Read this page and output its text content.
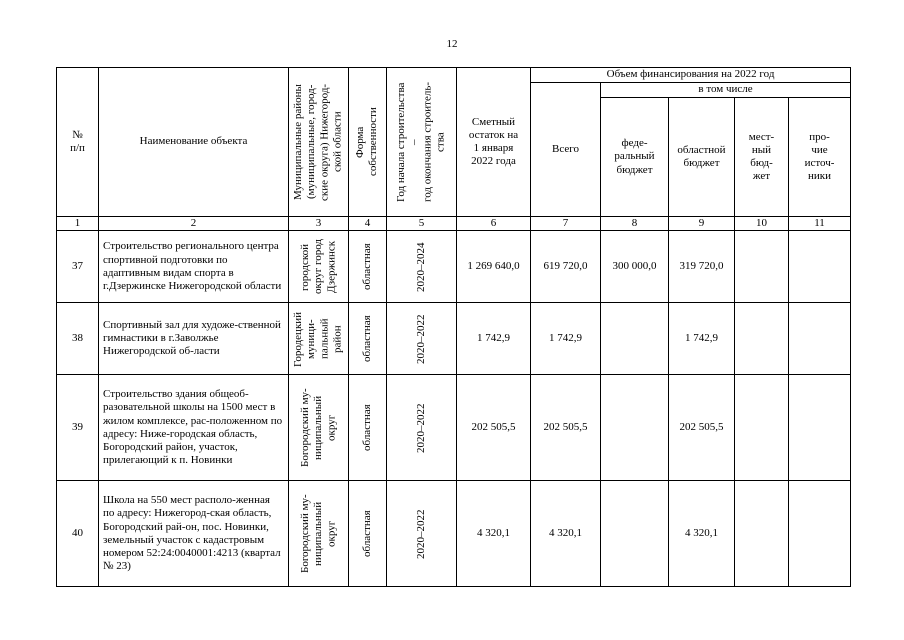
12
№
п/п	Наименование объекта	Муниципальные районы
(муниципальные, город-
ские округа) Нижегород-
ской области	Форма
собственности	Год начала строительства
–
год окончания строитель-
ства	Сметный
остаток на
1 января
2022 года	Объем финансирования на 2022 год				
						Всего	в том числе			
							феде-
ральный
бюджет	областной
бюджет	мест-
ный
бюд-
жет	про-
чие
источ-
ники
1	2	3	4	5	6	7	8	9	10	11
37	Строительство регионального центра спортивной подготовки по адаптивным видам спорта в г.Дзержинске Нижегородской области	городской
округ город
Дзержинск	областная	2020–2024	1 269 640,0	619 720,0	300 000,0	319 720,0		
38	Спортивный зал для художе-ственной гимнастики в г.Заволжье Нижегородской об-ласти	Городецкий
муници-
пальный
район	областная	2020–2022	1 742,9	1 742,9		1 742,9		
39	Строительство здания общеоб-разовательной школы на 1500 мест в жилом комплексе, рас-положенном по адресу: Ниже-городская область, Богородский район, участок, прилегающий к п. Новинки	Богородский му-
ниципальный
округ	областная	2020–2022	202 505,5	202 505,5		202 505,5		
40	Школа на 550 мест располо-женная по адресу: Нижегород-ская область, Богородский рай-он, пос. Новинки, земельный участок с кадастровым номером 52:24:0040001:4213 (квартал № 23)	Богородский му-
ниципальный
округ	областная	2020–2022	4 320,1	4 320,1		4 320,1		
